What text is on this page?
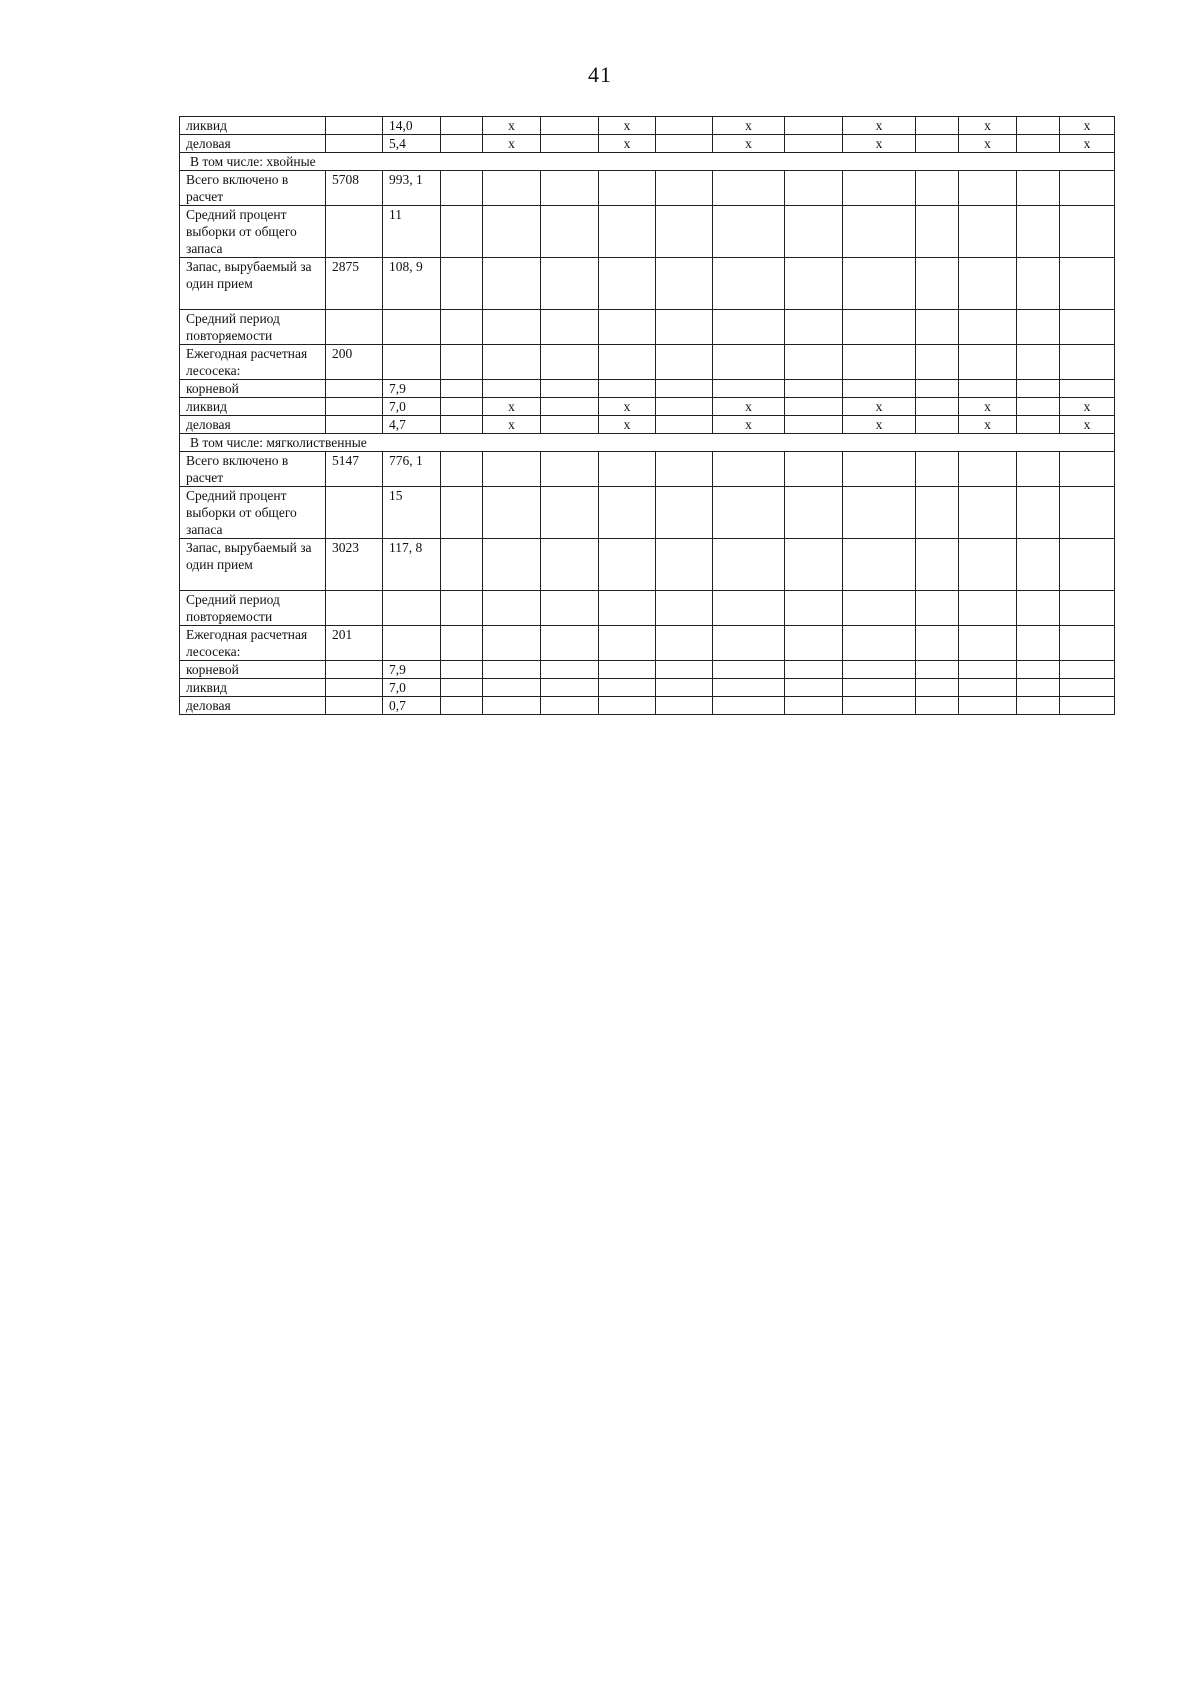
41
ликвид		14,0		x		x		x		x		x		x
деловая		5,4		x		x		x		x		x		x
В том числе: хвойные														
Всего включено в расчет	5708	993, 1												
Средний процент выборки от общего запаса		11												
Запас, вырубаемый за один прием	2875	108, 9												
Средний период повторяемости														
Ежегодная расчетная лесосека:	200													
корневой		7,9												
ликвид		7,0		x		x		x		x		x		x
деловая		4,7		x		x		x		x		x		x
В том числе: мягколиственные														
Всего включено в расчет	5147	776, 1												
Средний процент выборки от общего запаса		15												
Запас, вырубаемый за один прием	3023	117, 8												
Средний период повторяемости														
Ежегодная расчетная лесосека:	201													
корневой		7,9												
ликвид		7,0												
деловая		0,7												
